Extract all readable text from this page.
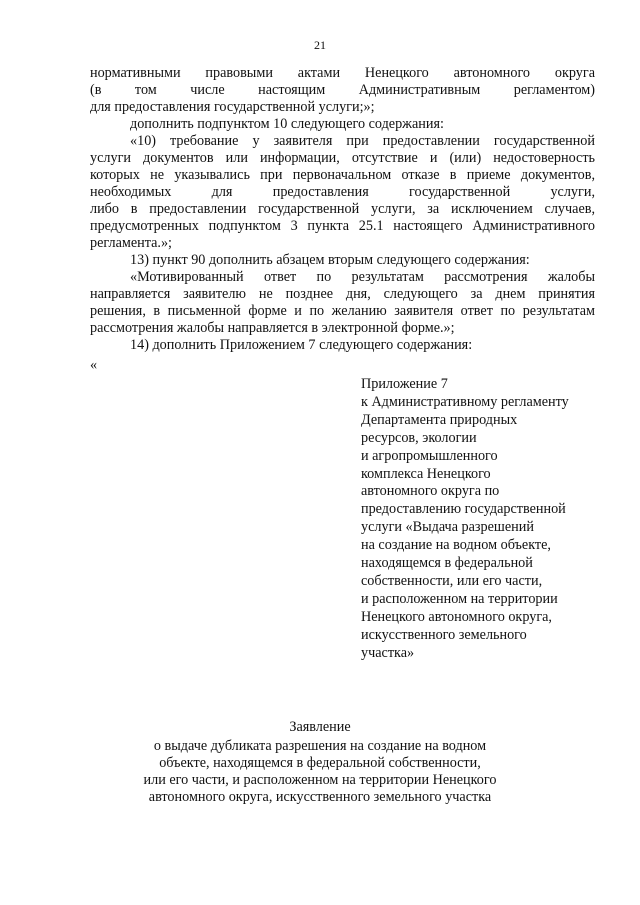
21
нормативными правовыми актами Ненецкого автономного округа
(в том числе настоящим Административным регламентом)
для предоставления государственной услуги;»;
дополнить подпунктом 10 следующего содержания:
«10) требование у заявителя при предоставлении государственной
услуги документов или информации, отсутствие и (или) недостоверность
которых не указывались при первоначальном отказе в приеме документов,
необходимых для предоставления государственной услуги,
либо в предоставлении государственной услуги, за исключением случаев,
предусмотренных подпунктом 3 пункта 25.1 настоящего Административного
регламента.»;
13) пункт 90 дополнить абзацем вторым следующего содержания:
«Мотивированный ответ по результатам рассмотрения жалобы
направляется заявителю не позднее дня, следующего за днем принятия
решения, в письменной форме и по желанию заявителя ответ по результатам
рассмотрения жалобы направляется в электронной форме.»;
14) дополнить Приложением 7 следующего содержания:
«
Приложение 7
к Административному регламенту
Департамента природных
ресурсов, экологии
и агропромышленного
комплекса Ненецкого
автономного округа по
предоставлению государственной
услуги «Выдача разрешений
на создание на водном объекте,
находящемся в федеральной
собственности, или его части,
и расположенном на территории
Ненецкого автономного округа,
искусственного земельного
участка»
Заявление
о выдаче дубликата разрешения на создание на водном
объекте, находящемся в федеральной собственности,
или его части, и расположенном на территории Ненецкого
автономного округа, искусственного земельного участка
